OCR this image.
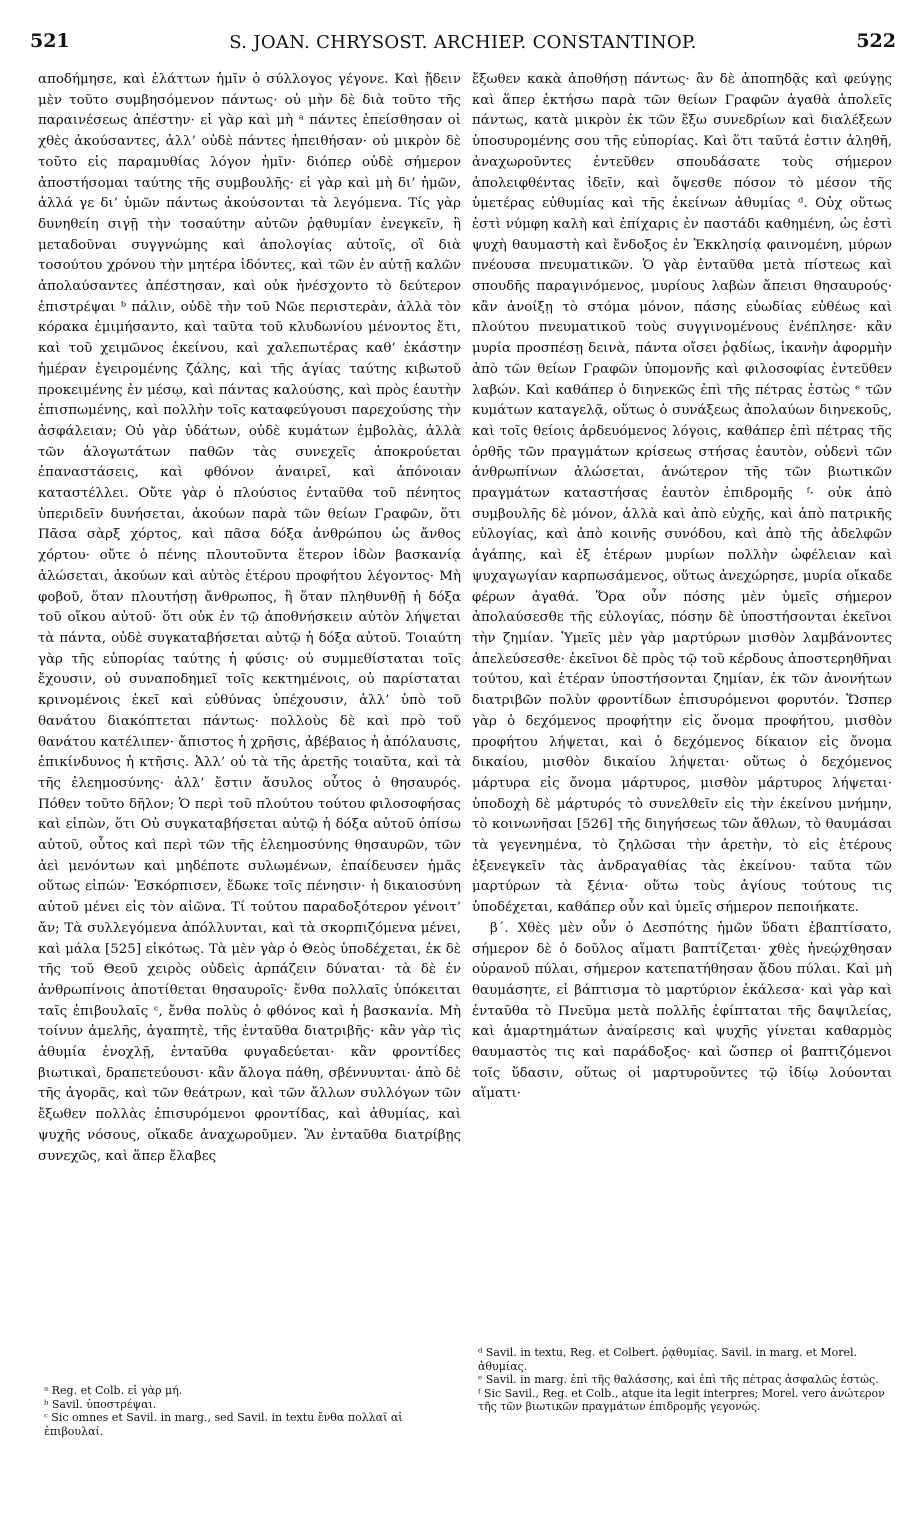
521	S. JOAN. CHRYSOST. ARCHIEP. CONSTANTINOP.	522

αποδήμησε, καὶ ἐλάττων ἡμῖν ὁ σύλλογος γέγονε. Καὶ ᾔδειν μὲν τοῦτο συμβησόμενον πάντως· οὐ μὴν δὲ διὰ τοῦτο τῆς παραινέσεως ἀπέστην· εἰ γὰρ καὶ μὴ ᵃ πάντες ἐπείσθησαν οἱ χθὲς ἀκούσαντες, ἀλλ’ οὐδὲ πάντες ἠπειθήσαν· οὐ μικρὸν δὲ τοῦτο εἰς παραμυθίας λόγον ἡμῖν· διόπερ οὐδὲ σήμερον ἀποστήσομαι ταύτης τῆς συμβουλῆς· εἰ γὰρ καὶ μὴ δι’ ἡμῶν, ἀλλά γε δι’ ὑμῶν πάντως ἀκούσονται τὰ λεγόμενα. Τίς γὰρ δυνηθείη σιγῇ τὴν τοσαύτην αὐτῶν ῥᾳθυμίαν ἐνεγκεῖν, ἢ μεταδοῦναι συγγνώμης καὶ ἀπολογίας αὐτοῖς, οἳ διὰ τοσούτου χρόνου τὴν μητέρα ἰδόντες, καὶ τῶν ἐν αὐτῇ καλῶν ἀπολαύσαντες ἀπέστησαν, καὶ οὐκ ἠνέσχοντο τὸ δεύτερον ἐπιστρέψαι ᵇ πάλιν, οὐδὲ τὴν τοῦ Νῶε περιστερὰν, ἀλλὰ τὸν κόρακα ἐμιμήσαντο, καὶ ταῦτα τοῦ κλυδωνίου μένοντος ἔτι, καὶ τοῦ χειμῶνος ἐκείνου, καὶ χαλεπωτέρας καθ’ ἑκάστην ἡμέραν ἐγειρομένης ζάλης, καὶ τῆς ἁγίας ταύτης κιβωτοῦ προκειμένης ἐν μέσῳ, καὶ πάντας καλούσης, καὶ πρὸς ἑαυτὴν ἐπισπωμένης, καὶ πολλὴν τοῖς καταφεύγουσι παρεχούσης τὴν ἀσφάλειαν; Οὐ γὰρ ὑδάτων, οὐδὲ κυμάτων ἐμβολὰς, ἀλλὰ τῶν ἀλογωτάτων παθῶν τὰς συνεχεῖς ἀποκρούεται ἐπαναστάσεις, καὶ φθόνον ἀναιρεῖ, καὶ ἀπόνοιαν καταστέλλει. Οὔτε γὰρ ὁ πλούσιος ἐνταῦθα τοῦ πένητος ὑπεριδεῖν δυνήσεται, ἀκούων παρὰ τῶν θείων Γραφῶν, ὅτι Πᾶσα σὰρξ χόρτος, καὶ πᾶσα δόξα ἀνθρώπου ὡς ἄνθος χόρτου· οὔτε ὁ πένης πλουτοῦντα ἕτερον ἰδὼν βασκανίᾳ ἁλώσεται, ἀκούων καὶ αὐτὸς ἑτέρου προφήτου λέγοντος· Μὴ φοβοῦ, ὅταν πλουτήσῃ ἄνθρωπος, ἢ ὅταν πληθυνθῇ ἡ δόξα τοῦ οἴκου αὐτοῦ· ὅτι οὐκ ἐν τῷ ἀποθνήσκειν αὐτὸν λήψεται τὰ πάντα, οὐδὲ συγκαταβήσεται αὐτῷ ἡ δόξα αὐτοῦ. Τοιαύτη γὰρ τῆς εὐπορίας ταύτης ἡ φύσις· οὐ συμμεθίσταται τοῖς ἔχουσιν, οὐ συναποδημεῖ τοῖς κεκτημένοις, οὐ παρίσταται κρινομένοις ἐκεῖ καὶ εὐθύνας ὑπέχουσιν, ἀλλ’ ὑπὸ τοῦ θανάτου διακόπτεται πάντως· πολλοὺς δὲ καὶ πρὸ τοῦ θανάτου κατέλιπεν· ἄπιστος ἡ χρῆσις, ἀβέβαιος ἡ ἀπόλαυσις, ἐπικίνδυνος ἡ κτῆσις. Ἀλλ’ οὐ τὰ τῆς ἀρετῆς τοιαῦτα, καὶ τὰ τῆς ἐλεημοσύνης· ἀλλ’ ἔστιν ἄσυλος οὗτος ὁ θησαυρός. Πόθεν τοῦτο δῆλον; Ὁ περὶ τοῦ πλούτου τούτου φιλοσοφήσας καὶ εἰπὼν, ὅτι Οὐ συγκαταβήσεται αὐτῷ ἡ δόξα αὐτοῦ ὀπίσω αὐτοῦ, οὗτος καὶ περὶ τῶν τῆς ἐλεημοσύνης θησαυρῶν, τῶν ἀεὶ μενόντων καὶ μηδέποτε συλωμένων, ἐπαίδευσεν ἡμᾶς οὕτως εἰπών· Ἐσκόρπισεν, ἔδωκε τοῖς πένησιν· ἡ δικαιοσύνη αὐτοῦ μένει εἰς τὸν αἰῶνα. Τί τούτου παραδοξότερον γένοιτ’ ἄν; Τὰ συλλεγόμενα ἀπόλλυνται, καὶ τὰ σκορπιζόμενα μένει, καὶ μάλα [525] εἰκότως. Τὰ μὲν γὰρ ὁ Θεὸς ὑποδέχεται, ἐκ δὲ τῆς τοῦ Θεοῦ χειρὸς οὐδεὶς ἁρπάζειν δύναται· τὰ δὲ ἐν ἀνθρωπίνοις ἀποτίθεται θησαυροῖς· ἔνθα πολλαῖς ὑπόκειται ταῖς ἐπιβουλαῖς ᶜ, ἔνθα πολὺς ὁ φθόνος καὶ ἡ βασκανία. Μὴ τοίνυν ἀμελῆς, ἀγαπητὲ, τῆς ἐνταῦθα διατριβῆς· κἂν γὰρ τὶς ἀθυμία ἐνοχλῇ, ἐνταῦθα φυγαδεύεται· κἂν φροντίδες βιωτικαὶ, δραπετεύουσι· κἂν ἄλογα πάθη, σβέννυνται· ἀπὸ δὲ τῆς ἀγορᾶς, καὶ τῶν θεάτρων, καὶ τῶν ἄλλων συλλόγων τῶν ἔξωθεν πολλὰς ἐπισυρόμενοι φροντίδας, καὶ ἀθυμίας, καὶ ψυχῆς νόσους, οἴκαδε ἀναχωροῦμεν. Ἂν ἐνταῦθα διατρίβῃς συνεχῶς, καὶ ἅπερ ἔλαβες

ἔξωθεν κακὰ ἀποθήσῃ πάντως· ἂν δὲ ἀποπηδᾷς καὶ φεύγῃς καὶ ἅπερ ἐκτήσω παρὰ τῶν θείων Γραφῶν ἀγαθὰ ἀπολεῖς πάντως, κατὰ μικρὸν ἐκ τῶν ἔξω συνεδρίων καὶ διαλέξεων ὑποσυρομένης σου τῆς εὐπορίας. Καὶ ὅτι ταῦτά ἐστιν ἀληθῆ, ἀναχωροῦντες ἐντεῦθεν σπουδάσατε τοὺς σήμερον ἀπολειφθέντας ἰδεῖν, καὶ ὄψεσθε πόσον τὸ μέσον τῆς ὑμετέρας εὐθυμίας καὶ τῆς ἐκείνων ἀθυμίας ᵈ. Οὐχ οὕτως ἐστὶ νύμφη καλὴ καὶ ἐπίχαρις ἐν παστάδι καθημένη, ὡς ἐστὶ ψυχὴ θαυμαστὴ καὶ ἔνδοξος ἐν Ἐκκλησίᾳ φαινομένη, μύρων πνέουσα πνευματικῶν. Ὁ γὰρ ἐνταῦθα μετὰ πίστεως καὶ σπουδῆς παραγινόμενος, μυρίους λαβὼν ἄπεισι θησαυρούς· κἂν ἀνοίξῃ τὸ στόμα μόνον, πάσης εὐωδίας εὐθέως καὶ πλούτου πνευματικοῦ τοὺς συγγινομένους ἐνέπλησε· κἂν μυρία προσπέσῃ δεινὰ, πάντα οἴσει ῥᾳδίως, ἱκανὴν ἀφορμὴν ἀπὸ τῶν θείων Γραφῶν ὑπομονῆς καὶ φιλοσοφίας ἐντεῦθεν λαβών. Καὶ καθάπερ ὁ διηνεκῶς ἐπὶ τῆς πέτρας ἑστὼς ᵉ τῶν κυμάτων καταγελᾷ, οὕτως ὁ συνάξεως ἀπολαύων διηνεκοῦς, καὶ τοῖς θείοις ἀρδευόμενος λόγοις, καθάπερ ἐπὶ πέτρας τῆς ὀρθῆς τῶν πραγμάτων κρίσεως στήσας ἑαυτὸν, οὐδενὶ τῶν ἀνθρωπίνων ἁλώσεται, ἀνώτερον τῆς τῶν βιωτικῶν πραγμάτων καταστήσας ἑαυτὸν ἐπιδρομῆς ᶠ· οὐκ ἀπὸ συμβουλῆς δὲ μόνον, ἀλλὰ καὶ ἀπὸ εὐχῆς, καὶ ἀπὸ πατρικῆς εὐλογίας, καὶ ἀπὸ κοινῆς συνόδου, καὶ ἀπὸ τῆς ἀδελφῶν ἀγάπης, καὶ ἐξ ἑτέρων μυρίων πολλὴν ὠφέλειαν καὶ ψυχαγωγίαν καρπωσάμενος, οὕτως ἀνεχώρησε, μυρία οἴκαδε φέρων ἀγαθά. Ὅρα οὖν πόσης μὲν ὑμεῖς σήμερον ἀπολαύσεσθε τῆς εὐλογίας, πόσην δὲ ὑποστήσονται ἐκεῖνοι τὴν ζημίαν. Ὑμεῖς μὲν γὰρ μαρτύρων μισθὸν λαμβάνοντες ἀπελεύσεσθε· ἐκεῖνοι δὲ πρὸς τῷ τοῦ κέρδους ἀποστερηθῆναι τούτου, καὶ ἑτέραν ὑποστήσονται ζημίαν, ἐκ τῶν ἀνονήτων διατριβῶν πολὺν φροντίδων ἐπισυρόμενοι φορυτόν. Ὥσπερ γὰρ ὁ δεχόμενος προφήτην εἰς ὄνομα προφήτου, μισθὸν προφήτου λήψεται, καὶ ὁ δεχόμενος δίκαιον εἰς ὄνομα δικαίου, μισθὸν δικαίου λήψεται· οὕτως ὁ δεχόμενος μάρτυρα εἰς ὄνομα μάρτυρος, μισθὸν μάρτυρος λήψεται· ὑποδοχὴ δὲ μάρτυρός τὸ συνελθεῖν εἰς τὴν ἐκείνου μνήμην, τὸ κοινωνῆσαι [526] τῆς διηγήσεως τῶν ἄθλων, τὸ θαυμάσαι τὰ γεγενημένα, τὸ ζηλῶσαι τὴν ἀρετὴν, τὸ εἰς ἑτέρους ἐξενεγκεῖν τὰς ἀνδραγαθίας τὰς ἐκείνου· ταῦτα τῶν μαρτύρων τὰ ξένια· οὕτω τοὺς ἁγίους τούτους τις ὑποδέχεται, καθάπερ οὖν καὶ ὑμεῖς σήμερον πεποιήκατε.

β΄. Χθὲς μὲν οὖν ὁ Δεσπότης ἡμῶν ὕδατι ἐβαπτίσατο, σήμερον δὲ ὁ δοῦλος αἵματι βαπτίζεται· χθὲς ἠνεῴχθησαν οὐρανοῦ πύλαι, σήμερον κατεπατήθησαν ᾅδου πύλαι. Καὶ μὴ θαυμάσητε, εἰ βάπτισμα τὸ μαρτύριον ἐκάλεσα· καὶ γὰρ καὶ ἐνταῦθα τὸ Πνεῦμα μετὰ πολλῆς ἐφίπταται τῆς δαψιλείας, καὶ ἁμαρτημάτων ἀναίρεσις καὶ ψυχῆς γίνεται καθαρμὸς θαυμαστὸς τις καὶ παράδοξος· καὶ ὥσπερ οἱ βαπτιζόμενοι τοῖς ὕδασιν, οὕτως οἱ μαρτυροῦντες τῷ ἰδίῳ λούονται αἵματι·

ᵃ Reg. et Colb. εἰ γὰρ μή.

ᵇ Savil. ὑποστρέψαι.

ᶜ Sic omnes et Savil. in marg., sed Savil. in textu ἔνθα πολλαῖ αἱ ἐπιβουλαί.

ᵈ Savil. in textu, Reg. et Colbert. ῥᾳθυμίας. Savil. in marg. et Morel. ἀθυμίας.

ᵉ Savil. in marg. ἐπὶ τῆς θαλάσσης, καὶ ἐπὶ τῆς πέτρας ἀσφαλῶς ἑστώς.

ᶠ Sic Savil., Reg. et Colb., atque ita legit interpres; Morel. vero ἀνώτερον τῆς τῶν βιωτικῶν πραγμάτων ἐπιδρομῆς γεγονώς.
